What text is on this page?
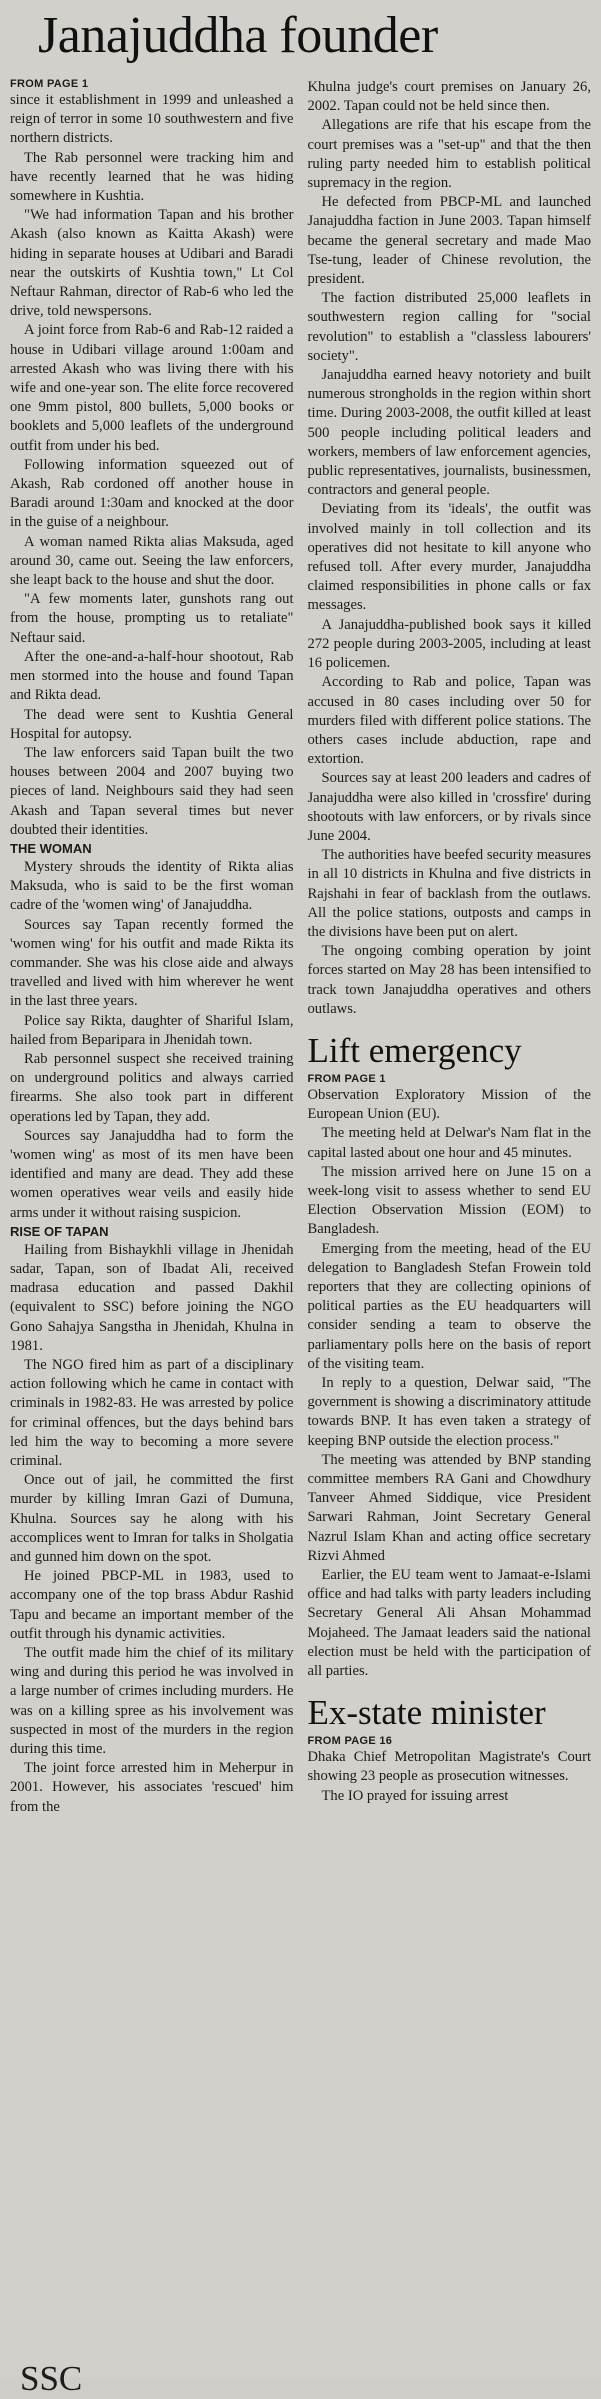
Janajuddha founder
FROM PAGE 1

since it establishment in 1999 and unleashed a reign of terror in some 10 southwestern and five northern districts.

The Rab personnel were tracking him and have recently learned that he was hiding somewhere in Kushtia.

"We had information Tapan and his brother Akash (also known as Kaitta Akash) were hiding in separate houses at Udibari and Baradi near the outskirts of Kushtia town," Lt Col Neftaur Rahman, director of Rab-6 who led the drive, told newspersons.

A joint force from Rab-6 and Rab-12 raided a house in Udibari village around 1:00am and arrested Akash who was living there with his wife and one-year son. The elite force recovered one 9mm pistol, 800 bullets, 5,000 books or booklets and 5,000 leaflets of the underground outfit from under his bed.

Following information squeezed out of Akash, Rab cordoned off another house in Baradi around 1:30am and knocked at the door in the guise of a neighbour.

A woman named Rikta alias Maksuda, aged around 30, came out. Seeing the law enforcers, she leapt back to the house and shut the door.

"A few moments later, gunshots rang out from the house, prompting us to retaliate" Neftaur said.

After the one-and-a-half-hour shootout, Rab men stormed into the house and found Tapan and Rikta dead.

The dead were sent to Kushtia General Hospital for autopsy.

The law enforcers said Tapan built the two houses between 2004 and 2007 buying two pieces of land. Neighbours said they had seen Akash and Tapan several times but never doubted their identities.

THE WOMAN

Mystery shrouds the identity of Rikta alias Maksuda, who is said to be the first woman cadre of the 'women wing' of Janajuddha.

Sources say Tapan recently formed the 'women wing' for his outfit and made Rikta its commander. She was his close aide and always travelled and lived with him wherever he went in the last three years.

Police say Rikta, daughter of Shariful Islam, hailed from Beparipara in Jhenidah town.

Rab personnel suspect she received training on underground politics and always carried firearms. She also took part in different operations led by Tapan, they add.

Sources say Janajuddha had to form the 'women wing' as most of its men have been identified and many are dead. They add these women operatives wear veils and easily hide arms under it without raising suspicion.

RISE OF TAPAN

Hailing from Bishaykhli village in Jhenidah sadar, Tapan, son of Ibadat Ali, received madrasa education and passed Dakhil (equivalent to SSC) before joining the NGO Gono Sahajya Sangstha in Jhenidah, Khulna in 1981.

The NGO fired him as part of a disciplinary action following which he came in contact with criminals in 1982-83. He was arrested by police for criminal offences, but the days behind bars led him the way to becoming a more severe criminal.

Once out of jail, he committed the first murder by killing Imran Gazi of Dumuna, Khulna. Sources say he along with his accomplices went to Imran for talks in Sholgatia and gunned him down on the spot.

He joined PBCP-ML in 1983, used to accompany one of the top brass Abdur Rashid Tapu and became an important member of the outfit through his dynamic activities.

The outfit made him the chief of its military wing and during this period he was involved in a large number of crimes including murders. He was on a killing spree as his involvement was suspected in most of the murders in the region during this time.

The joint force arrested him in Meherpur in 2001. However, his associates 'rescued' him from the

Khulna judge's court premises on January 26, 2002. Tapan could not be held since then.

Allegations are rife that his escape from the court premises was a "set-up" and that the then ruling party needed him to establish political supremacy in the region.

He defected from PBCP-ML and launched Janajuddha faction in June 2003. Tapan himself became the general secretary and made Mao Tse-tung, leader of Chinese revolution, the president.

The faction distributed 25,000 leaflets in southwestern region calling for "social revolution" to establish a "classless labourers' society".

Janajuddha earned heavy notoriety and built numerous strongholds in the region within short time. During 2003-2008, the outfit killed at least 500 people including political leaders and workers, members of law enforcement agencies, public representatives, journalists, businessmen, contractors and general people.

Deviating from its 'ideals', the outfit was involved mainly in toll collection and its operatives did not hesitate to kill anyone who refused toll. After every murder, Janajuddha claimed responsibilities in phone calls or fax messages.

A Janajuddha-published book says it killed 272 people during 2003-2005, including at least 16 policemen.

According to Rab and police, Tapan was accused in 80 cases including over 50 for murders filed with different police stations. The others cases include abduction, rape and extortion.

Sources say at least 200 leaders and cadres of Janajuddha were also killed in 'crossfire' during shootouts with law enforcers, or by rivals since June 2004.

The authorities have beefed security measures in all 10 districts in Khulna and five districts in Rajshahi in fear of backlash from the outlaws. All the police stations, outposts and camps in the divisions have been put on alert.

The ongoing combing operation by joint forces started on May 28 has been intensified to track town Janajuddha operatives and others outlaws.

Lift emergency
FROM PAGE 1

Observation Exploratory Mission of the European Union (EU).

The meeting held at Delwar's Nam flat in the capital lasted about one hour and 45 minutes.

The mission arrived here on June 15 on a week-long visit to assess whether to send EU Election Observation Mission (EOM) to Bangladesh.

Emerging from the meeting, head of the EU delegation to Bangladesh Stefan Frowein told reporters that they are collecting opinions of political parties as the EU headquarters will consider sending a team to observe the parliamentary polls here on the basis of report of the visiting team.

In reply to a question, Delwar said, "The government is showing a discriminatory attitude towards BNP. It has even taken a strategy of keeping BNP outside the election process."

The meeting was attended by BNP standing committee members RA Gani and Chowdhury Tanveer Ahmed Siddique, vice President Sarwari Rahman, Joint Secretary General Nazrul Islam Khan and acting office secretary Rizvi Ahmed

Earlier, the EU team went to Jamaat-e-Islami office and had talks with party leaders including Secretary General Ali Ahsan Mohammad Mojaheed. The Jamaat leaders said the national election must be held with the participation of all parties.

Ex-state minister
FROM PAGE 16

Dhaka Chief Metropolitan Magistrate's Court showing 23 people as prosecution witnesses.

The IO prayed for issuing arrest

SSC
